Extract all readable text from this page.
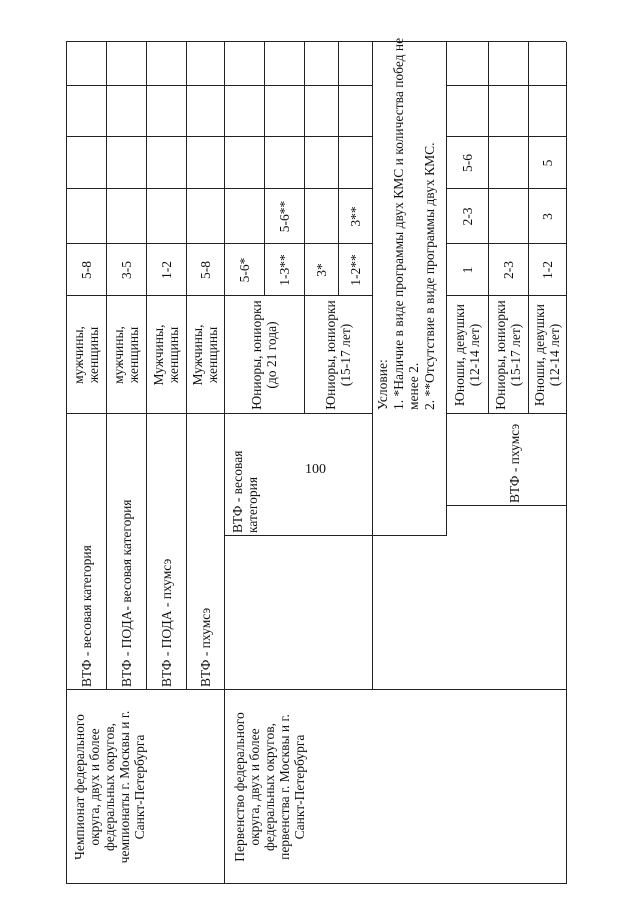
100
Чемпионат федерального округа, двух и более федеральных округов, чемпионаты г. Москвы и г. Санкт-Петербурга
ВТФ - весовая категория
мужчины, женщины
5-8
ВТФ - ПОДА- весовая категория
мужчины, женщины
3-5
ВТФ - ПОДА - пхумсэ
Мужчины, женщины
1-2
ВТФ - пхумсэ
Мужчины, женщины
5-8
Первенство федерального округа, двух и более федеральных округов, первенства г. Москвы и г. Санкт-Петербурга
ВТФ - весовая категория
Юниоры, юниорки (до 21 года)
5-6*	1-3**
5-6**
Юниоры, юниорки (15-17 лет)
3*	1-2**
3**
Условие: 1. *Наличие в виде программы двух КМС и количества побед не менее 2. 2. **Отсутствие в виде программы двух КМС.
ВТФ - пхумсэ
Юноши, девушки (12-14 лет)
1
2-3
5-6
Юниоры, юниорки (15-17 лет)
2-3
Юноши, девушки (12-14 лет)
1-2
3
5
